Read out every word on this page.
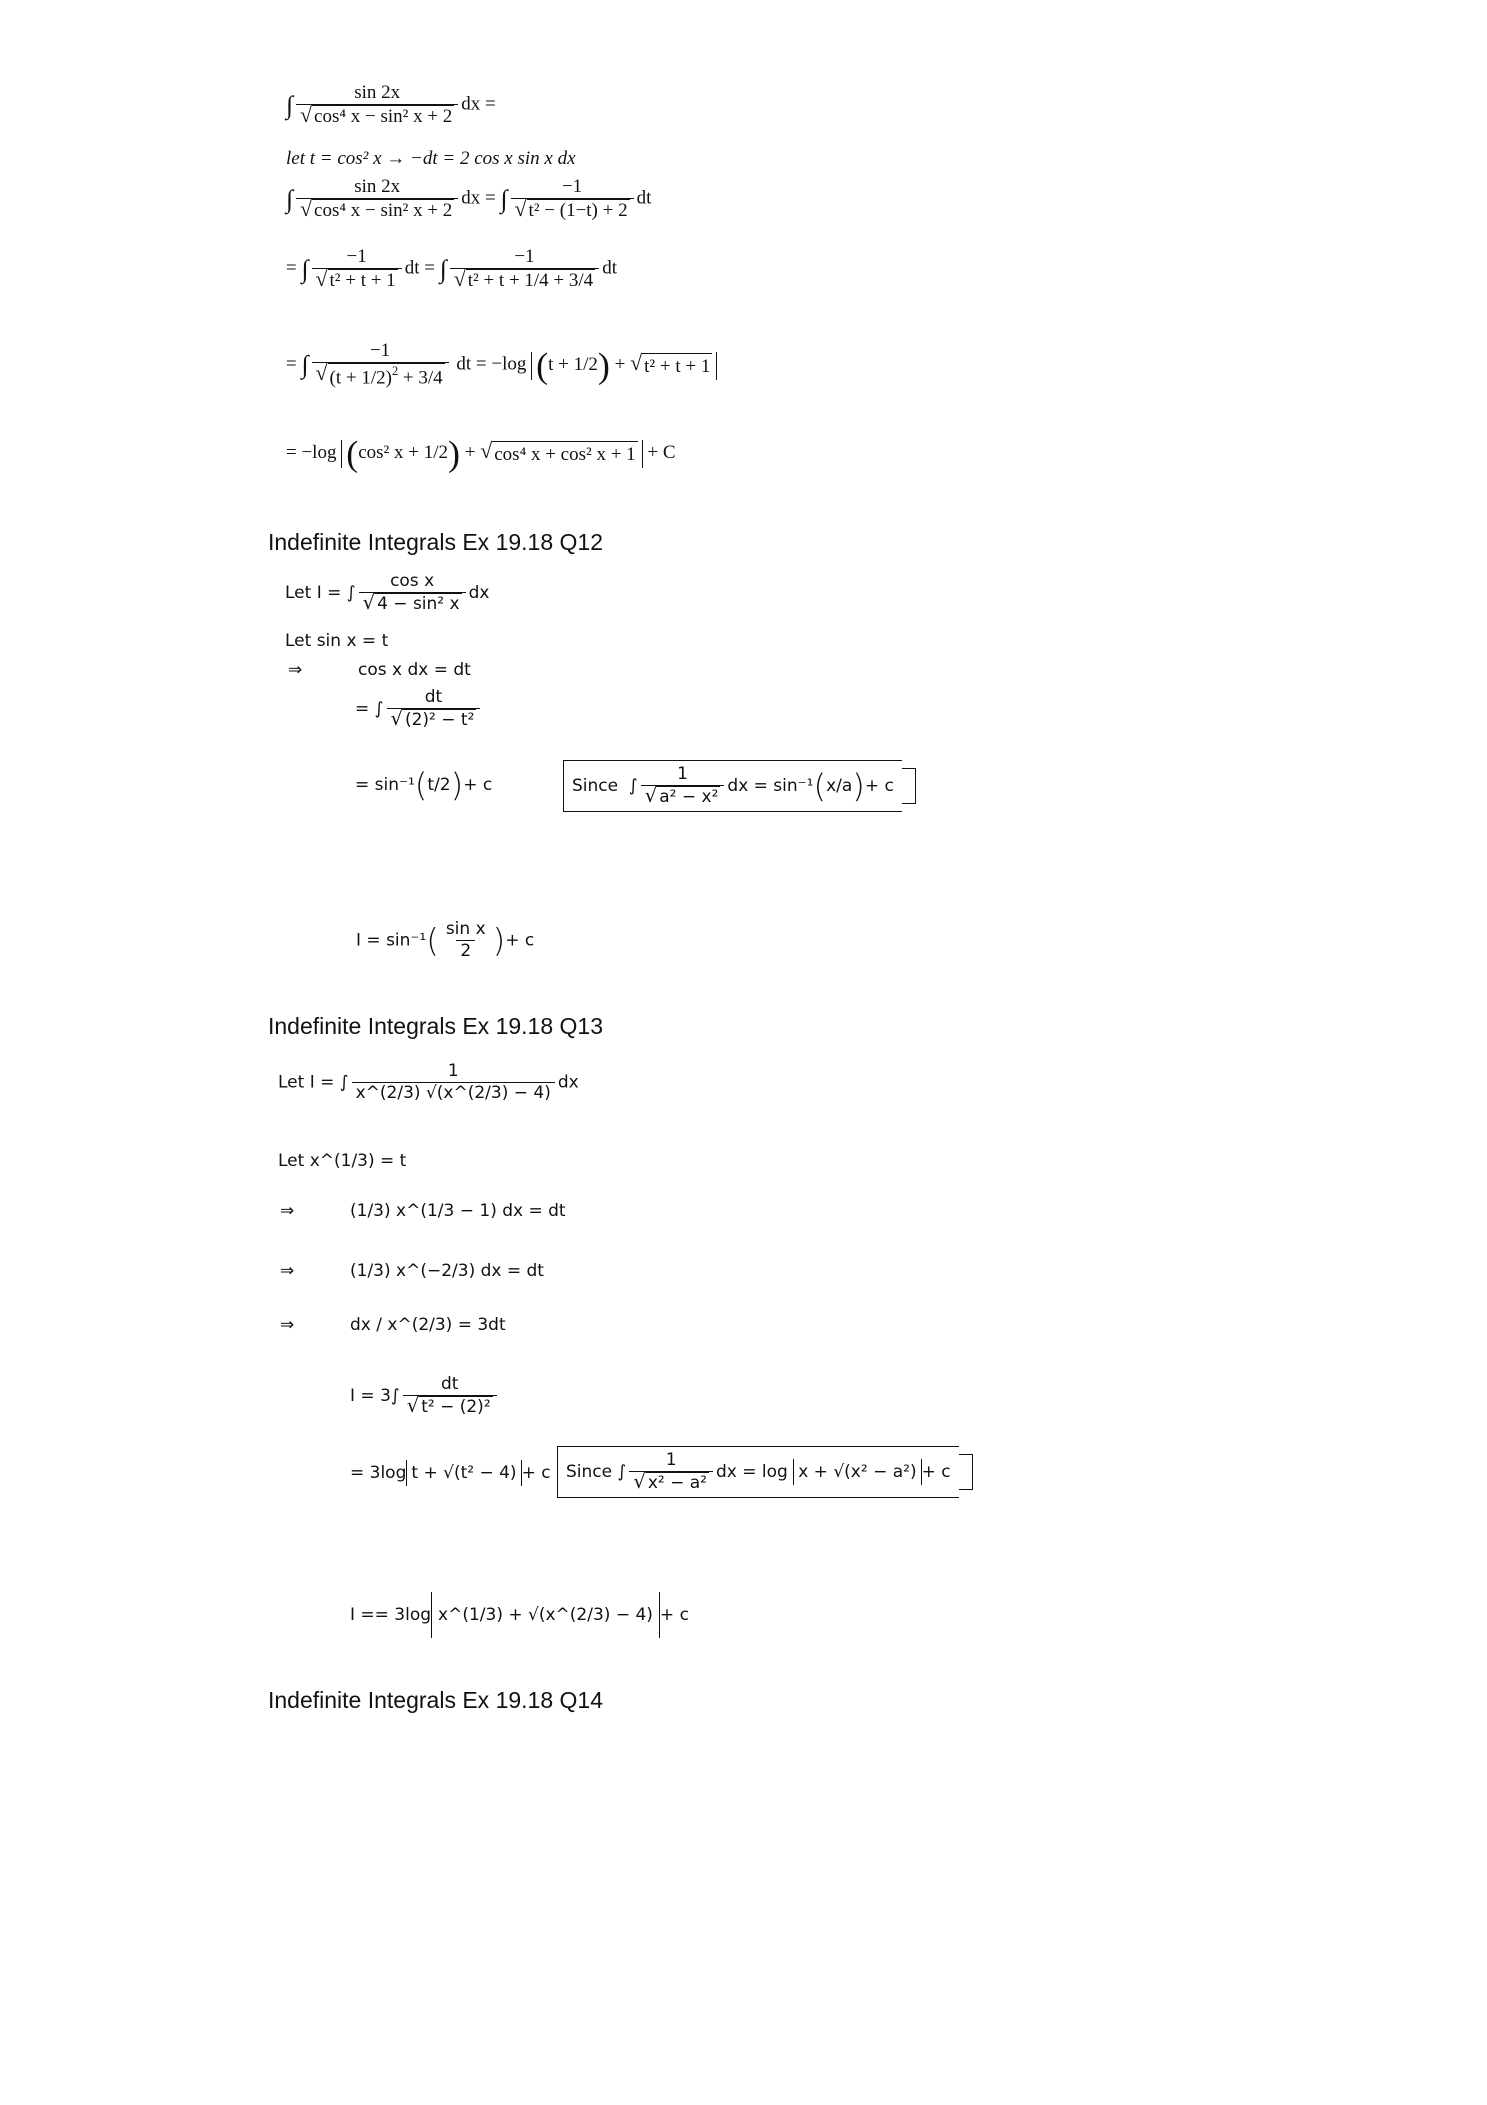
∫ $\frac{\sin 2x}{\text{√ cos⁴ x − sin² x + 2}}$ dx =
let t = cos² x → −dt = 2 cos x sin x dx
∫ $\frac{\sin 2x}{\text{√ cos⁴ x − sin² x + 2}}$ dx = ∫ $\frac{-1}{\text{√ t² − (1−t) + 2}}$ dt
= ∫ $\frac{-1}{\text{√ t² + t + 1}}$ dt = ∫ $\frac{-1}{\text{√ t² + t + 1/4 + 3/4}}$ dt
= ∫ $\frac{-1}{√ (t + 1/2)^2 + 3/4}$ dt = −log (t + 1/2) + √ t² + t + 1
= −log (cos² x + 1/2) + √ cos⁴ x + cos² x + 1 + C
Indefinite Integrals Ex 19.18 Q12
Let I = ∫ $\frac{\text{cos x}}{\text{√ 4 − sin² x}}$ dx
Let sin x = t
⇒	cos x dx = dt
= ∫ $\frac{dt}{\text{√ (2)² − t²}}$
= sin⁻¹(t/2)+ c	Since  ∫ $\frac{1}{\text{√ a² − x²}}$ dx = sin⁻¹(x/a)+ c
$I = \sin^{-1}( \frac{\text{sin x}}{2}$ )+ c
Indefinite Integrals Ex 19.18 Q13
Let I = ∫ $\frac{1}{x\^{}(2/3) √(x\^{}(2/3) - 4)}$ dx
Let x^(1/3) = t
⇒	(1/3) x^(1/3 − 1) dx = dt
⇒	(1/3) x^(−2/3) dx = dt
⇒	dx / x^(2/3) = 3dt
$I = 3\int \frac{dt}{\text{√ t² − (2)²}}$
= 3log t + √(t² − 4) + c Since ∫ $\frac{1}{\text{√ x² − a²}}$ dx = log x + √(x² − a²) + c
I == 3log x^(1/3) + √(x^(2/3) − 4) + c
Indefinite Integrals Ex 19.18 Q14
